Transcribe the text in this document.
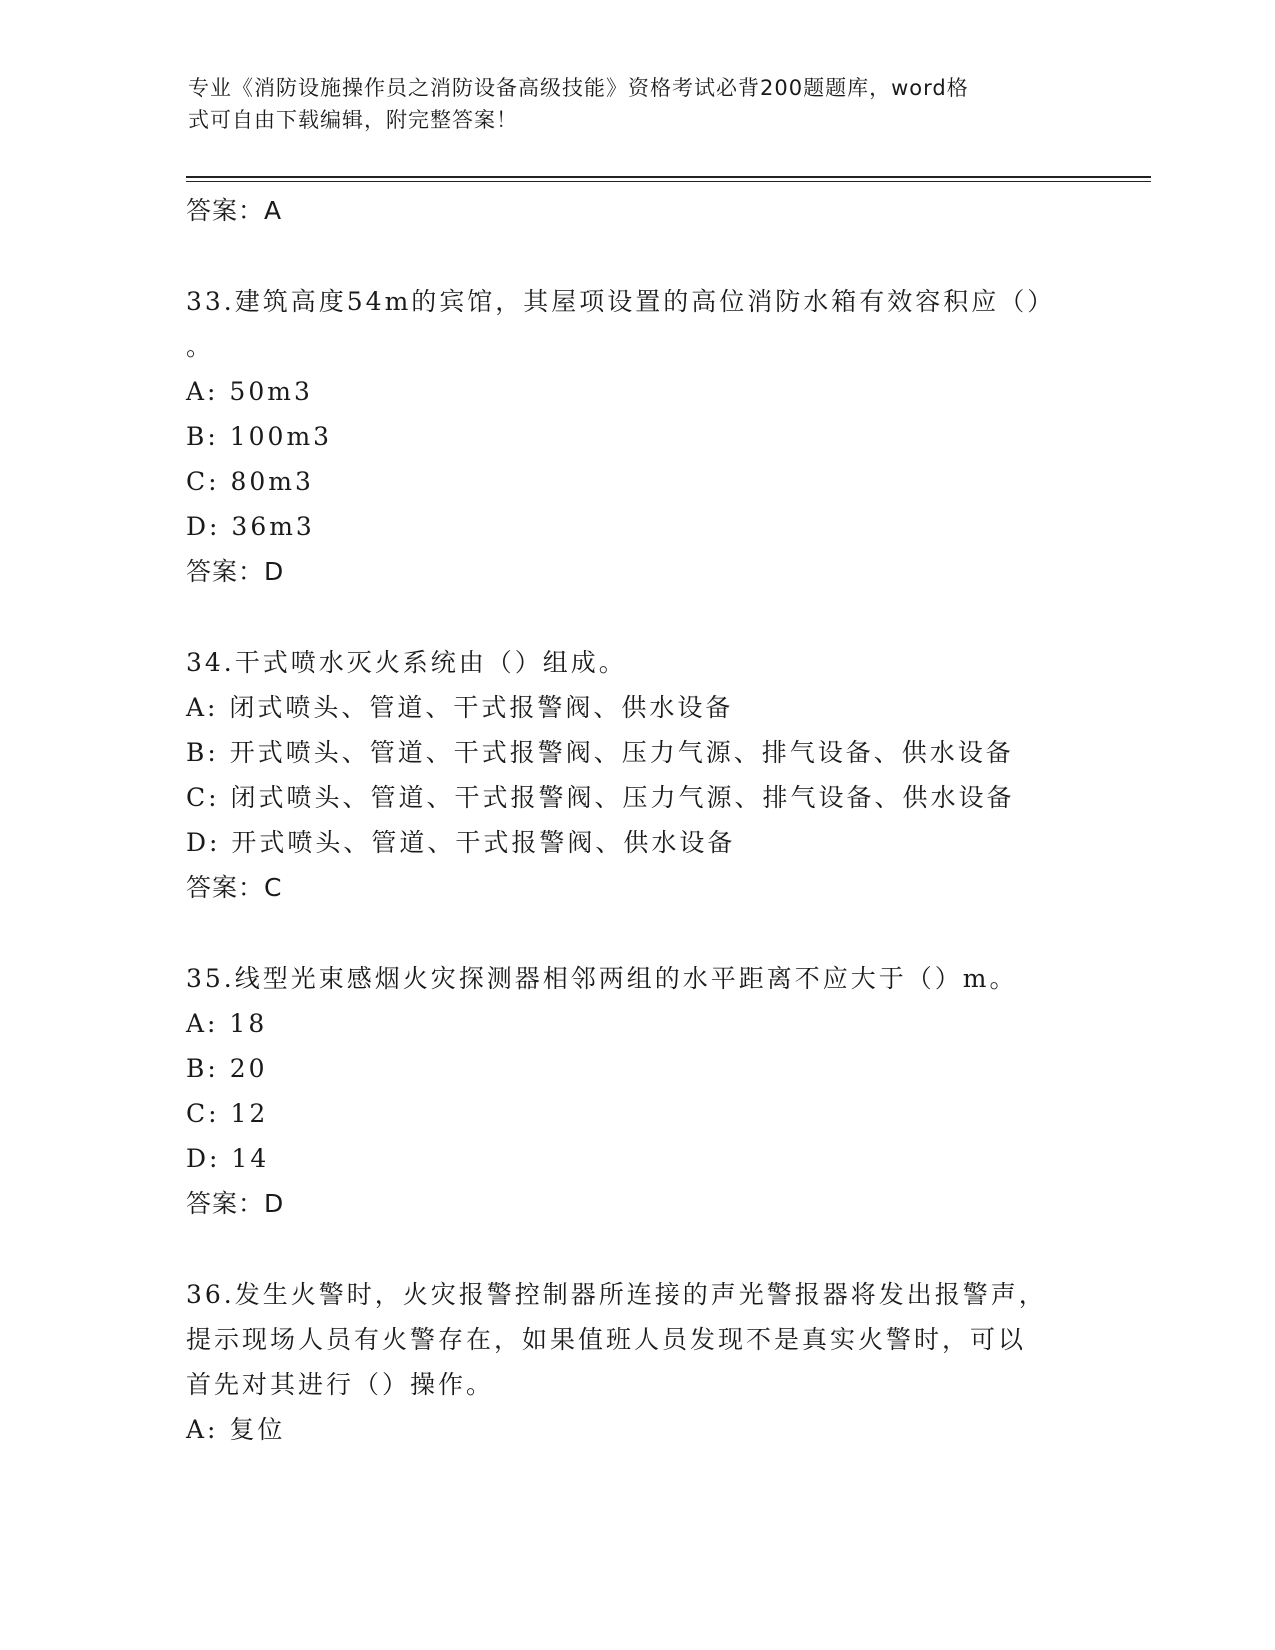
专业《消防设施操作员之消防设备高级技能》资格考试必背200题题库，word格
式可自由下载编辑，附完整答案！
答案：A

33.建筑高度54m的宾馆，其屋项设置的高位消防水箱有效容积应（）

。

A: 50m3

B: 100m3

C: 80m3

D: 36m3

答案：D

34.干式喷水灭火系统由（）组成。

A: 闭式喷头、管道、干式报警阀、供水设备

B: 开式喷头、管道、干式报警阀、压力气源、排气设备、供水设备

C: 闭式喷头、管道、干式报警阀、压力气源、排气设备、供水设备

D: 开式喷头、管道、干式报警阀、供水设备

答案：C

35.线型光束感烟火灾探测器相邻两组的水平距离不应大于（）m。

A: 18

B: 20

C: 12

D: 14

答案：D

36.发生火警时，火灾报警控制器所连接的声光警报器将发出报警声，

提示现场人员有火警存在，如果值班人员发现不是真实火警时，可以

首先对其进行（）操作。

A: 复位
